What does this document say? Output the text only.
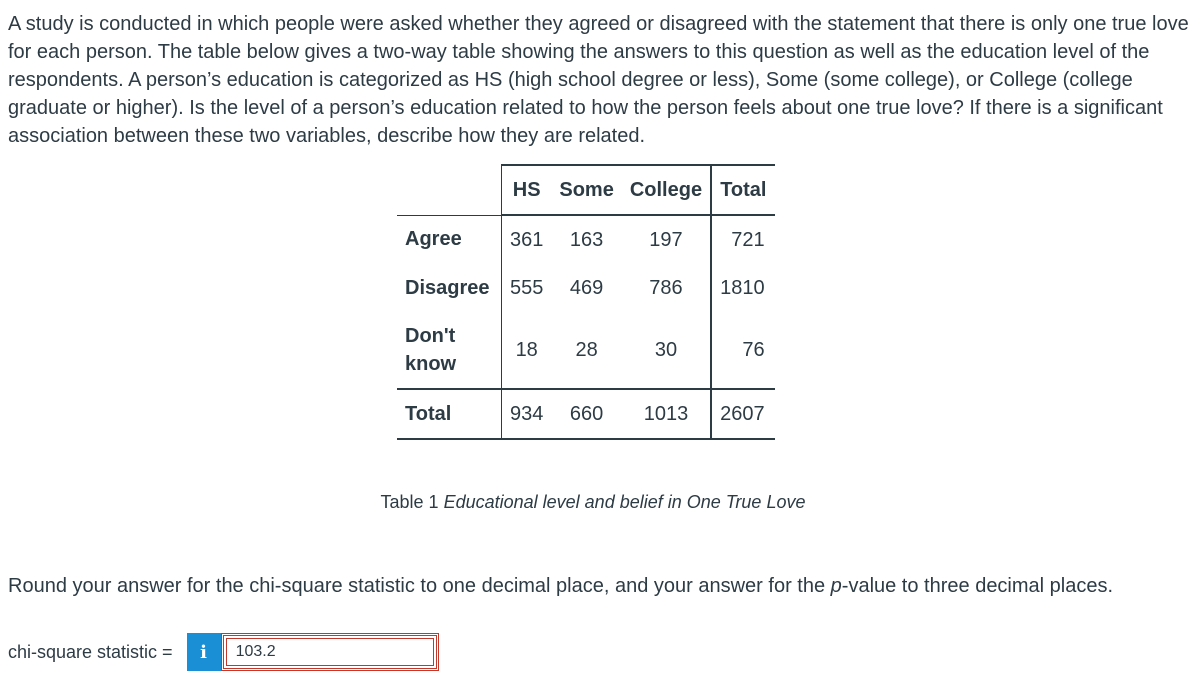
A study is conducted in which people were asked whether they agreed or disagreed with the statement that there is only one true love for each person. The table below gives a two-way table showing the answers to this question as well as the education level of the respondents. A person’s education is categorized as HS (high school degree or less), Some (some college), or College (college graduate or higher). Is the level of a person’s education related to how the person feels about one true love? If there is a significant association between these two variables, describe how they are related.

	HS	Some	College	Total
Agree	361	163	197	721
Disagree	555	469	786	1810
Don't
know	18	28	30	76
Total	934	660	1013	2607
Table 1 Educational level and belief in One True Love

Round your answer for the chi-square statistic to one decimal place, and your answer for the p-value to three decimal places.

chi-square statistic = i
103.2
